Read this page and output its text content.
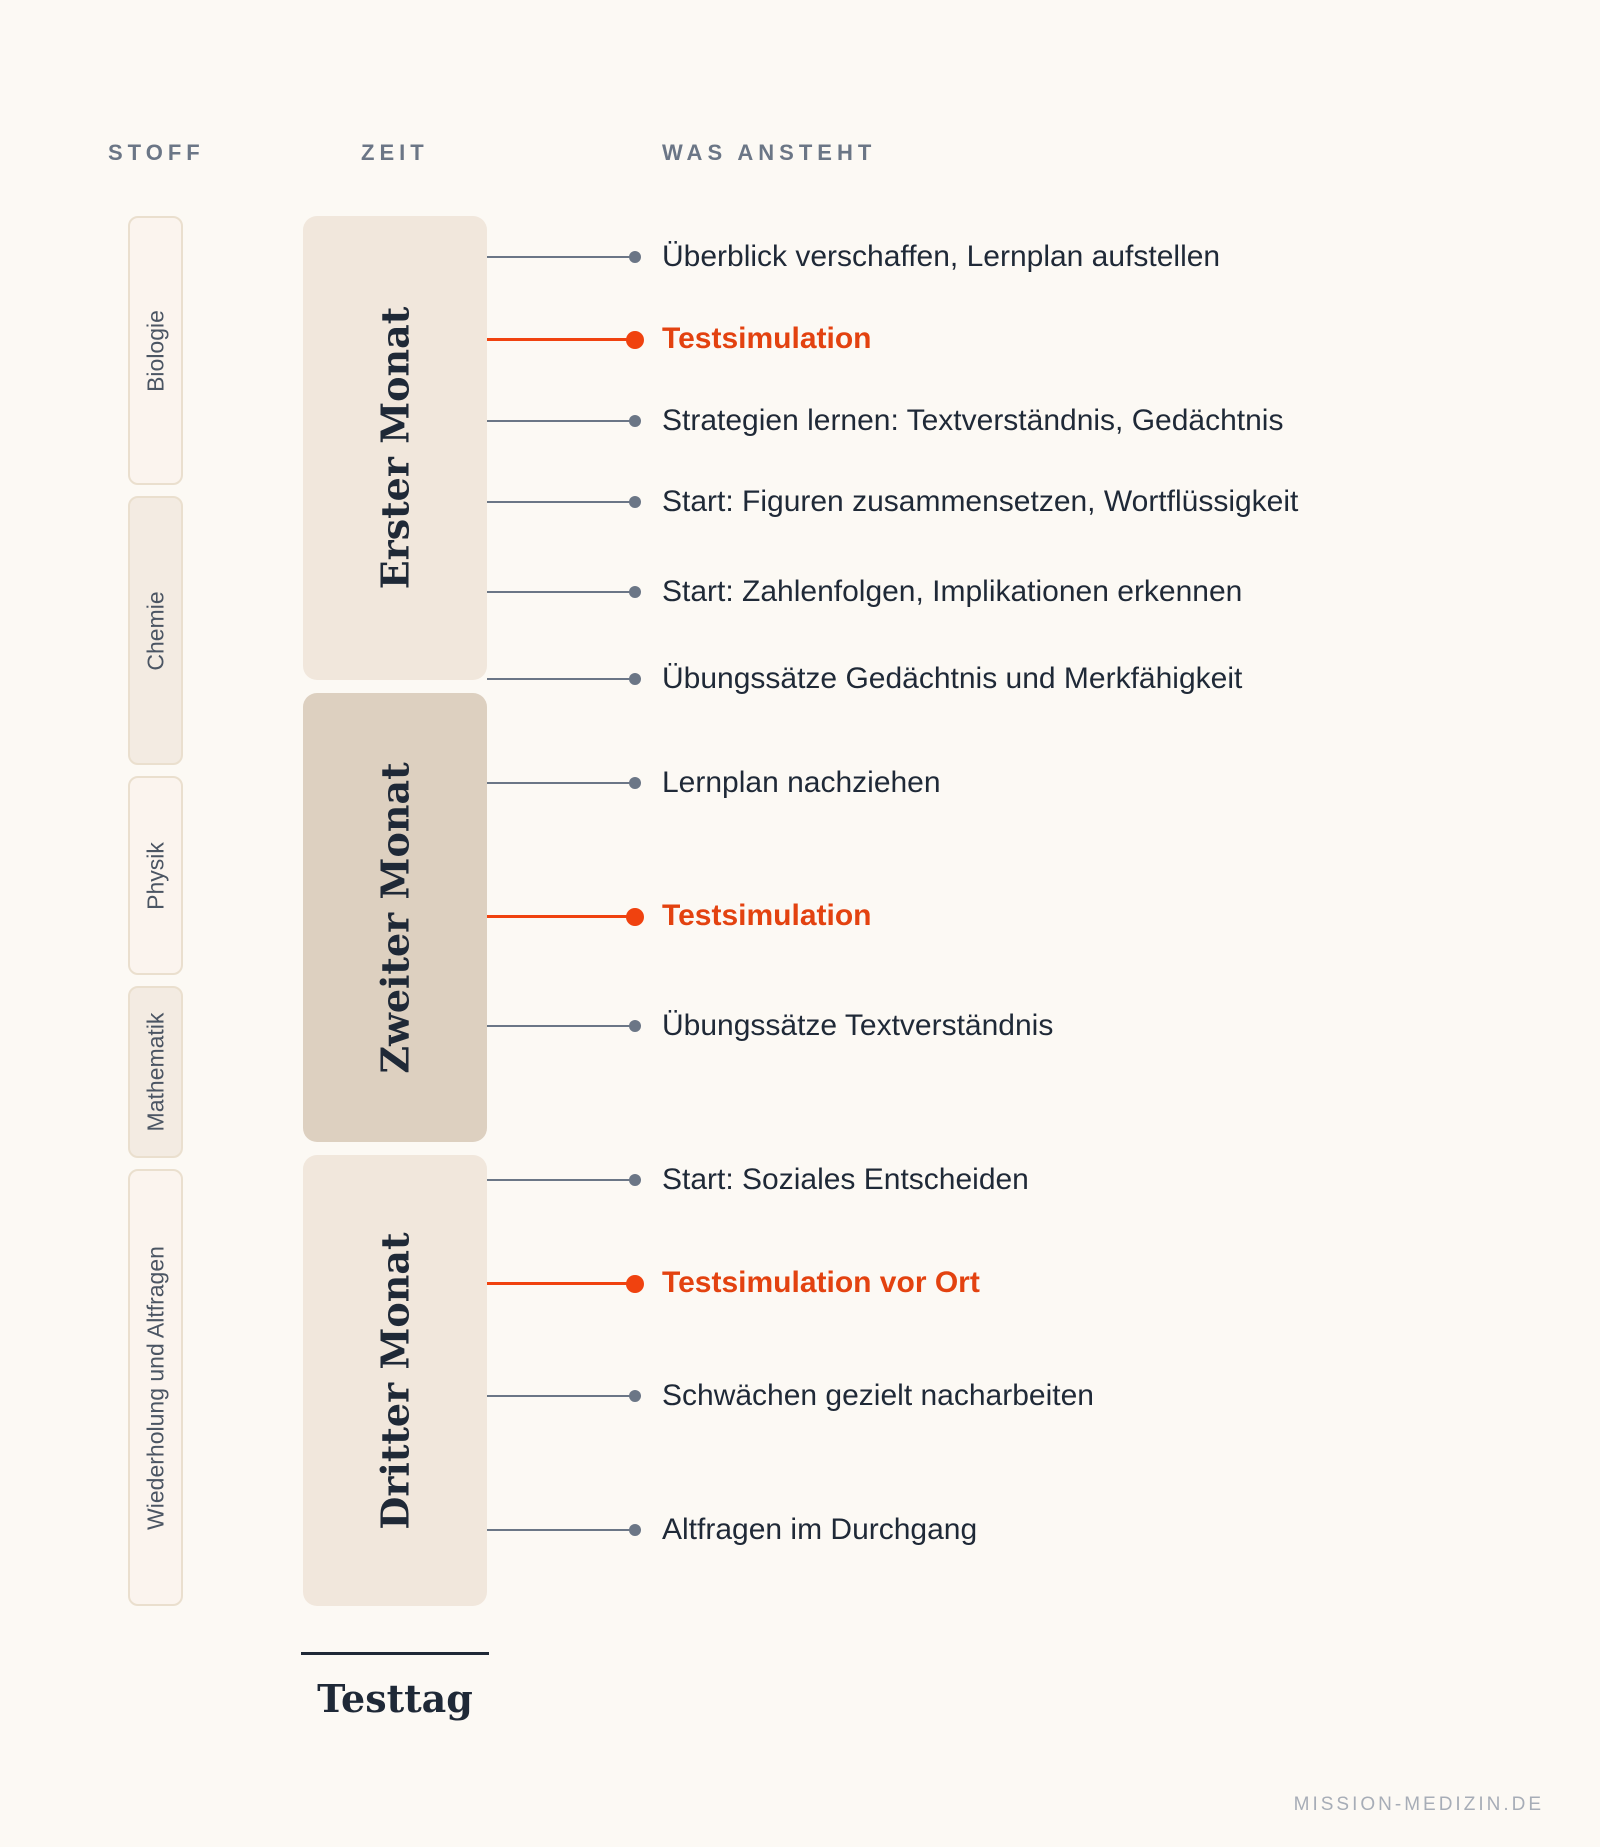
STOFF	ZEIT	WAS ANSTEHT
Biologie
Chemie
Physik
Mathematik
Wiederholung und Altfragen
Erster Monat
Zweiter Monat
Dritter Monat
Überblick verschaffen, Lernplan aufstellen
Testsimulation
Strategien lernen: Textverständnis, Gedächtnis
Start: Figuren zusammensetzen, Wortflüssigkeit
Start: Zahlenfolgen, Implikationen erkennen
Übungssätze Gedächtnis und Merkfähigkeit
Lernplan nachziehen
Testsimulation
Übungssätze Textverständnis
Start: Soziales Entscheiden
Testsimulation vor Ort
Schwächen gezielt nacharbeiten
Altfragen im Durchgang
Testtag
MISSION-MEDIZIN.DE
